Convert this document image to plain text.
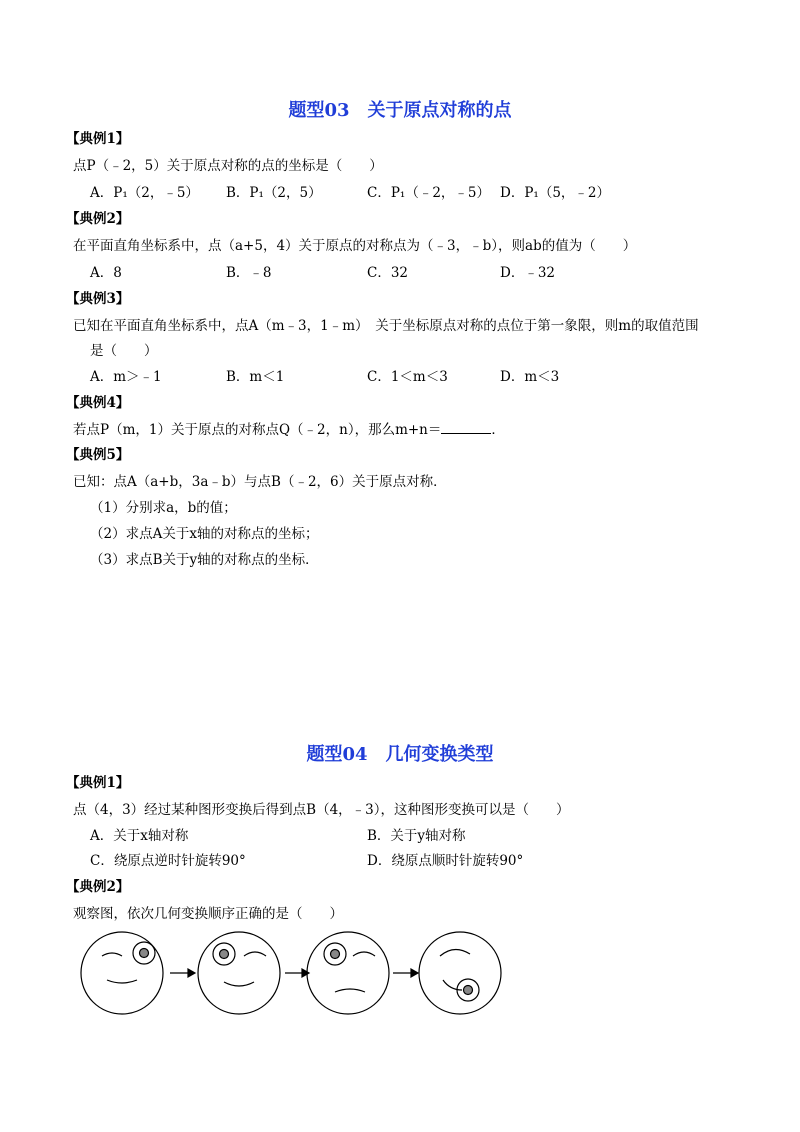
题型03　关于原点对称的点
【典例1】
点P（﹣2，5）关于原点对称的点的坐标是（　　）
A．P₁（2，﹣5） B．P₁（2，5）	C．P₁（﹣2，﹣5） D．P₁（5，﹣2）
【典例2】
在平面直角坐标系中，点（a+5，4）关于原点的对称点为（﹣3，﹣b），则ab的值为（　　）
A．8	B．﹣8	C．32	D．﹣32
【典例3】
已知在平面直角坐标系中，点A（m﹣3，1﹣m）　关于坐标原点对称的点位于第一象限，则m的取值范围
是（　　）
A．m＞﹣1	B．m＜1	C．1＜m＜3	D．m＜3
【典例4】
若点P（m，1）关于原点的对称点Q（﹣2，n），那么m+n＝	．
【典例5】
已知：点A（a+b，3a﹣b）与点B（﹣2，6）关于原点对称．
（1）分别求a，b的值；
（2）求点A关于x轴的对称点的坐标；
（3）求点B关于y轴的对称点的坐标．
题型04　几何变换类型
【典例1】
点（4，3）经过某种图形变换后得到点B（4，﹣3），这种图形变换可以是（　　）
A．关于x轴对称	B．关于y轴对称
C．绕原点逆时针旋转90°	D．绕原点顺时针旋转90°
【典例2】
观察图，依次几何变换顺序正确的是（　　）
